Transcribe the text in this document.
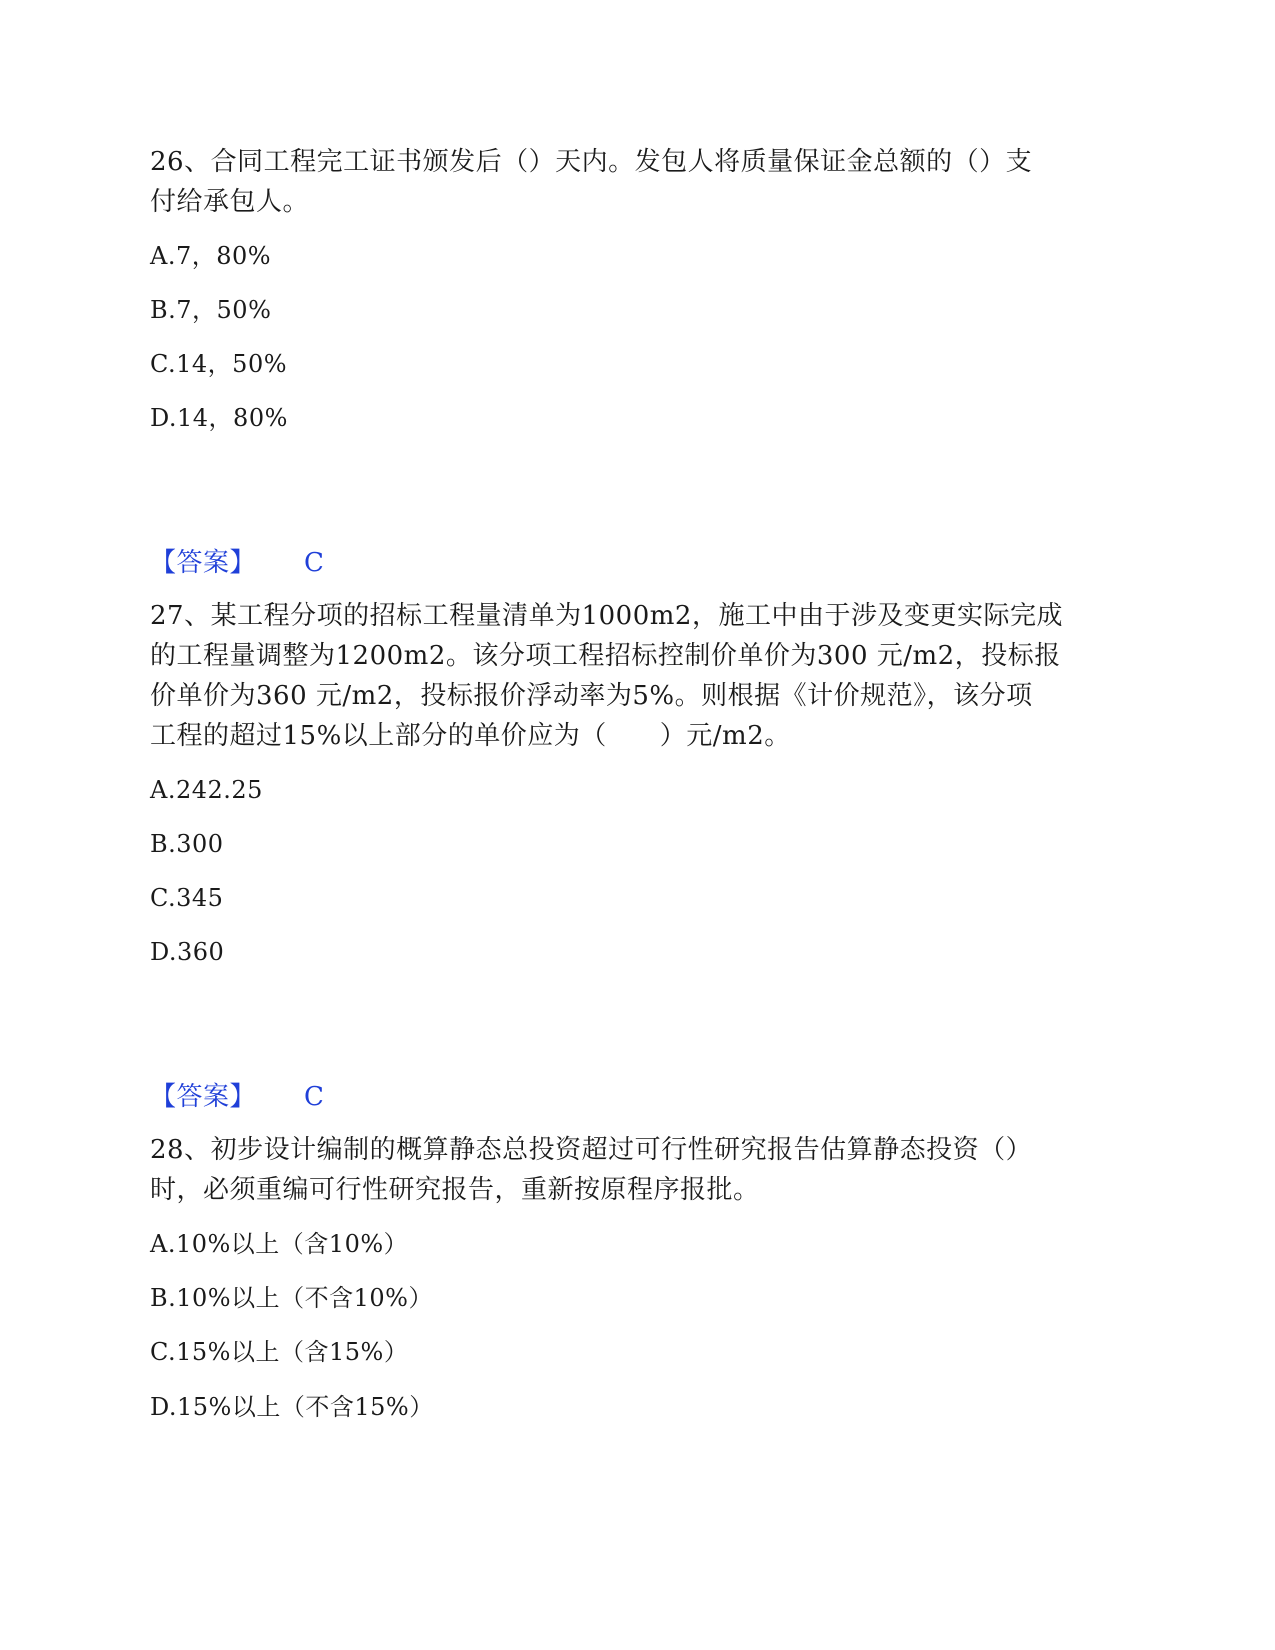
26、合同工程完工证书颁发后（）天内。发包人将质量保证金总额的（）支
付给承包人。
A.7，80%
B.7，50%
C.14，50%
D.14，80%
【答案】 C
27、某工程分项的招标工程量清单为1000m2，施工中由于涉及变更实际完成
的工程量调整为1200m2。该分项工程招标控制价单价为300 元/m2，投标报
价单价为360 元/m2，投标报价浮动率为5%。则根据《计价规范》，该分项
工程的超过15%以上部分的单价应为（　　）元/m2。
A.242.25
B.300
C.345
D.360
【答案】 C
28、初步设计编制的概算静态总投资超过可行性研究报告估算静态投资（）
时，必须重编可行性研究报告，重新按原程序报批。
A.10%以上（含10%）
B.10%以上（不含10%）
C.15%以上（含15%）
D.15%以上（不含15%）
